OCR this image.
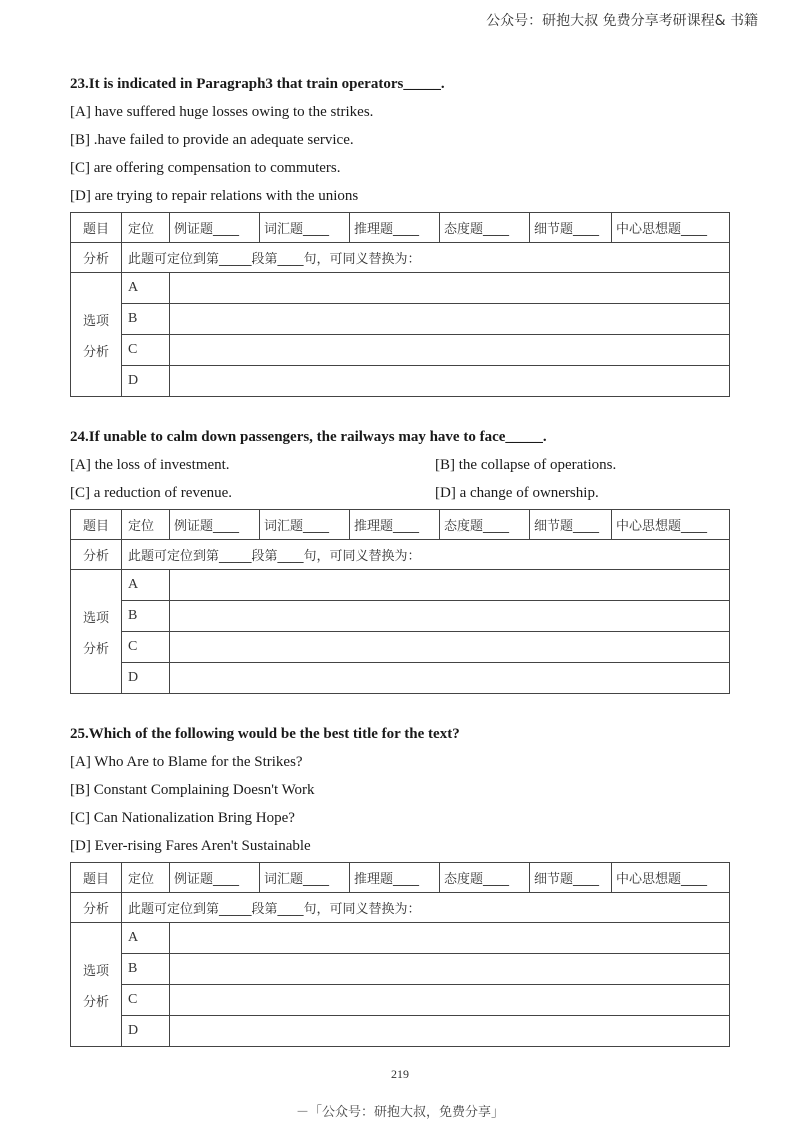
公众号：研抱大叔 免费分享考研课程& 书籍
23.It is indicated in Paragraph3 that train operators_____.
[A] have suffered huge losses owing to the strikes.
[B] .have failed to provide an adequate service.
[C] are offering compensation to commuters.
[D] are trying to repair relations with the unions
题目	定位	例证题____	词汇题____	推理题____	态度题____	细节题____	中心思想题____
分析	此题可定位到第_____段第____句，可同义替换为：						

选项
分析	A						
	B						
	C						
	D						
24.If unable to calm down passengers, the railways may have to face_____.
[A] the loss of investment.	[B] the collapse of operations.
[C] a reduction of revenue.	[D] a change of ownership.
题目	定位	例证题____	词汇题____	推理题____	态度题____	细节题____	中心思想题____
分析	此题可定位到第_____段第____句，可同义替换为：						

选项
分析	A						
	B						
	C						
	D						
25.Which of the following would be the best title for the text?
[A] Who Are to Blame for the Strikes?
[B] Constant Complaining Doesn't Work
[C] Can Nationalization Bring Hope?
[D] Ever-rising Fares Aren't Sustainable
题目	定位	例证题____	词汇题____	推理题____	态度题____	细节题____	中心思想题____
分析	此题可定位到第_____段第____句，可同义替换为：						

选项
分析	A						
	B						
	C						
	D						
219
－「公众号：研抱大叔，免费分享」
